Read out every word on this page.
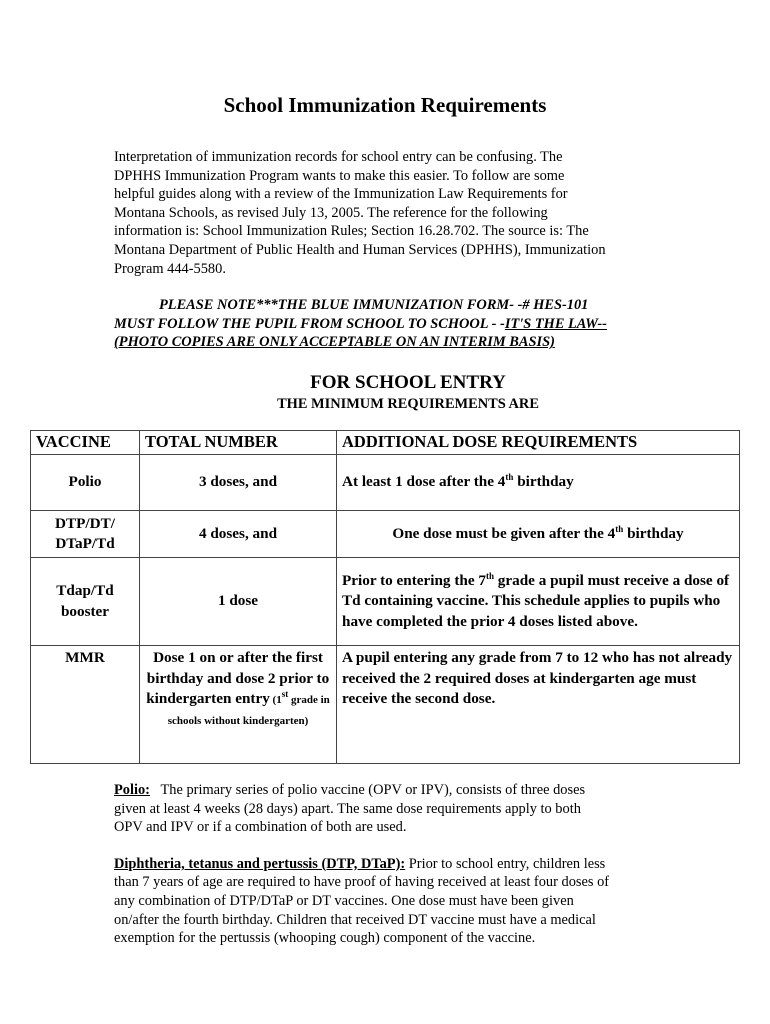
School Immunization Requirements
Interpretation of immunization records for school entry can be confusing. The
DPHHS Immunization Program wants to make this easier. To follow are some
helpful guides along with a review of the Immunization Law Requirements for
Montana Schools, as revised July 13, 2005. The reference for the following
information is: School Immunization Rules; Section 16.28.702. The source is: The
Montana Department of Public Health and Human Services (DPHHS), Immunization
Program 444-5580.
PLEASE NOTE***THE BLUE IMMUNIZATION FORM- -# HES-101
MUST FOLLOW THE PUPIL FROM SCHOOL TO SCHOOL - -IT'S THE LAW--
(PHOTO COPIES ARE ONLY ACCEPTABLE ON AN INTERIM BASIS)
FOR SCHOOL ENTRY
THE MINIMUM REQUIREMENTS ARE
VACCINE	TOTAL NUMBER	ADDITIONAL DOSE REQUIREMENTS
Polio	3 doses, and	At least 1 dose after the 4th birthday

DTP/DT/
DTaP/Td	4 doses, and	One dose must be given after the 4th birthday

Tdap/Td
booster	1 dose	Prior to entering the 7th grade a pupil must receive a dose of Td containing vaccine. This schedule applies to pupils who have completed the prior 4 doses listed above.
MMR	Dose 1 on or after the first birthday and dose 2 prior to kindergarten entry (1st grade in schools without kindergarten)	A pupil entering any grade from 7 to 12 who has not already received the 2 required doses at kindergarten age must receive the second dose.

Polio:   The primary series of polio vaccine (OPV or IPV), consists of three doses
given at least 4 weeks (28 days) apart. The same dose requirements apply to both
OPV and IPV or if a combination of both are used.

Diphtheria, tetanus and pertussis (DTP, DTaP): Prior to school entry, children less
than 7 years of age are required to have proof of having received at least four doses of
any combination of DTP/DTaP or DT vaccines. One dose must have been given
on/after the fourth birthday. Children that received DT vaccine must have a medical
exemption for the pertussis (whooping cough) component of the vaccine.
